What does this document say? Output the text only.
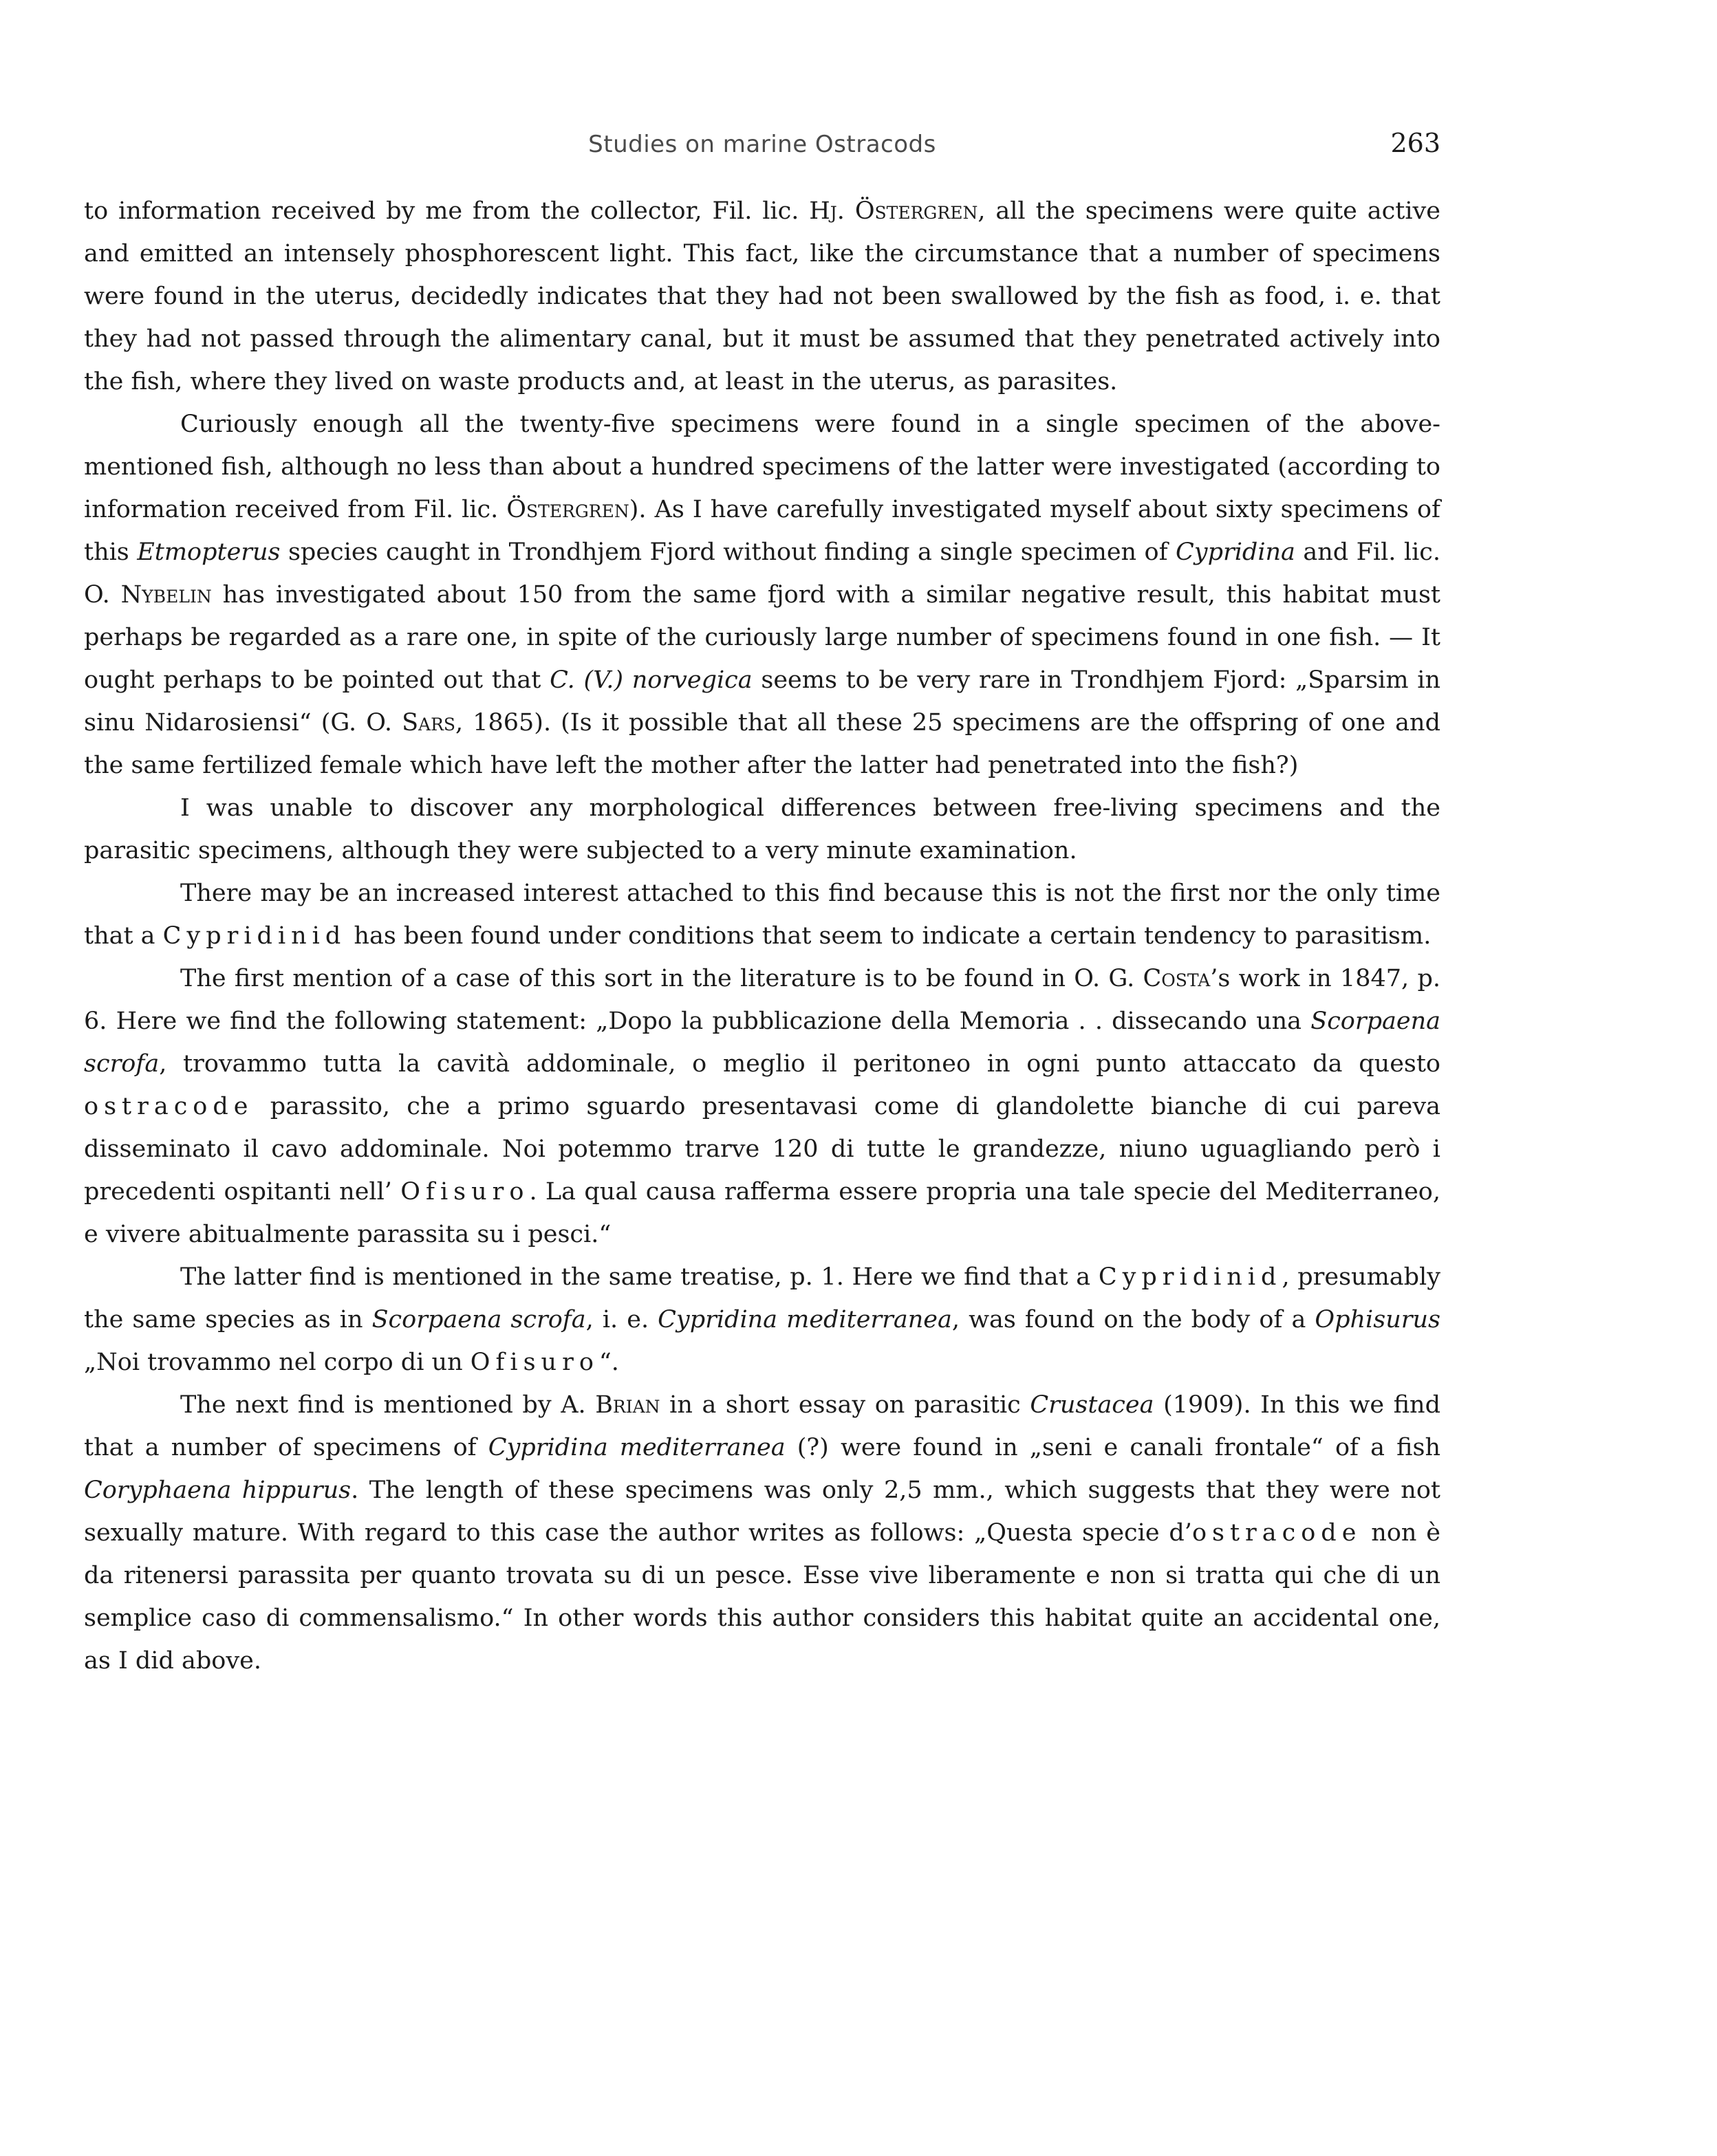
Studies on marine Ostracods	263

to information received by me from the collector, Fil. lic. Hj. Östergren, all the specimens were quite active and emitted an intensely phosphorescent light. This fact, like the circumstance that a number of specimens were found in the uterus, decidedly indicates that they had not been swallowed by the fish as food, i. e. that they had not passed through the alimentary canal, but it must be assumed that they penetrated actively into the fish, where they lived on waste products and, at least in the uterus, as parasites.

Curiously enough all the twenty-five specimens were found in a single specimen of the above-mentioned fish, although no less than about a hundred specimens of the latter were investigated (according to information received from Fil. lic. Östergren). As I have carefully investigated myself about sixty specimens of this Etmopterus species caught in Trondhjem Fjord without finding a single specimen of Cypridina and Fil. lic. O. Nybelin has investigated about 150 from the same fjord with a similar negative result, this habitat must perhaps be regarded as a rare one, in spite of the curiously large number of specimens found in one fish. — It ought perhaps to be pointed out that C. (V.) norvegica seems to be very rare in Trondhjem Fjord: „Sparsim in sinu Nidarosiensi“ (G. O. Sars, 1865). (Is it possible that all these 25 specimens are the offspring of one and the same fertilized female which have left the mother after the latter had penetrated into the fish?)

I was unable to discover any morphological differences between free-living specimens and the parasitic specimens, although they were subjected to a very minute examination.

There may be an increased interest attached to this find because this is not the first nor the only time that a Cypridinid has been found under conditions that seem to indicate a certain tendency to parasitism.

The first mention of a case of this sort in the literature is to be found in O. G. Costa’s work in 1847, p. 6. Here we find the following statement: „Dopo la pubblicazione della Memoria . . dissecando una Scorpaena scrofa, trovammo tutta la cavità addominale, o meglio il peritoneo in ogni punto attaccato da questo ostracode parassito, che a primo sguardo presentavasi come di glandolette bianche di cui pareva disseminato il cavo addominale. Noi potemmo trarve 120 di tutte le grandezze, niuno uguagliando però i precedenti ospitanti nell’ Ofisuro. La qual causa rafferma essere propria una tale specie del Mediterraneo, e vivere abitualmente parassita su i pesci.“

The latter find is mentioned in the same treatise, p. 1. Here we find that a Cypridinid, presumably the same species as in Scorpaena scrofa, i. e. Cypridina mediterranea, was found on the body of a Ophisurus „Noi trovammo nel corpo di un Ofisuro“.

The next find is mentioned by A. Brian in a short essay on parasitic Crustacea (1909). In this we find that a number of specimens of Cypridina mediterranea (?) were found in „seni e canali frontale“ of a fish Coryphaena hippurus. The length of these specimens was only 2,5 mm., which suggests that they were not sexually mature. With regard to this case the author writes as follows: „Questa specie d’ostracode non è da ritenersi parassita per quanto trovata su di un pesce. Esse vive liberamente e non si tratta qui che di un semplice caso di commensalismo.“ In other words this author considers this habitat quite an accidental one, as I did above.
